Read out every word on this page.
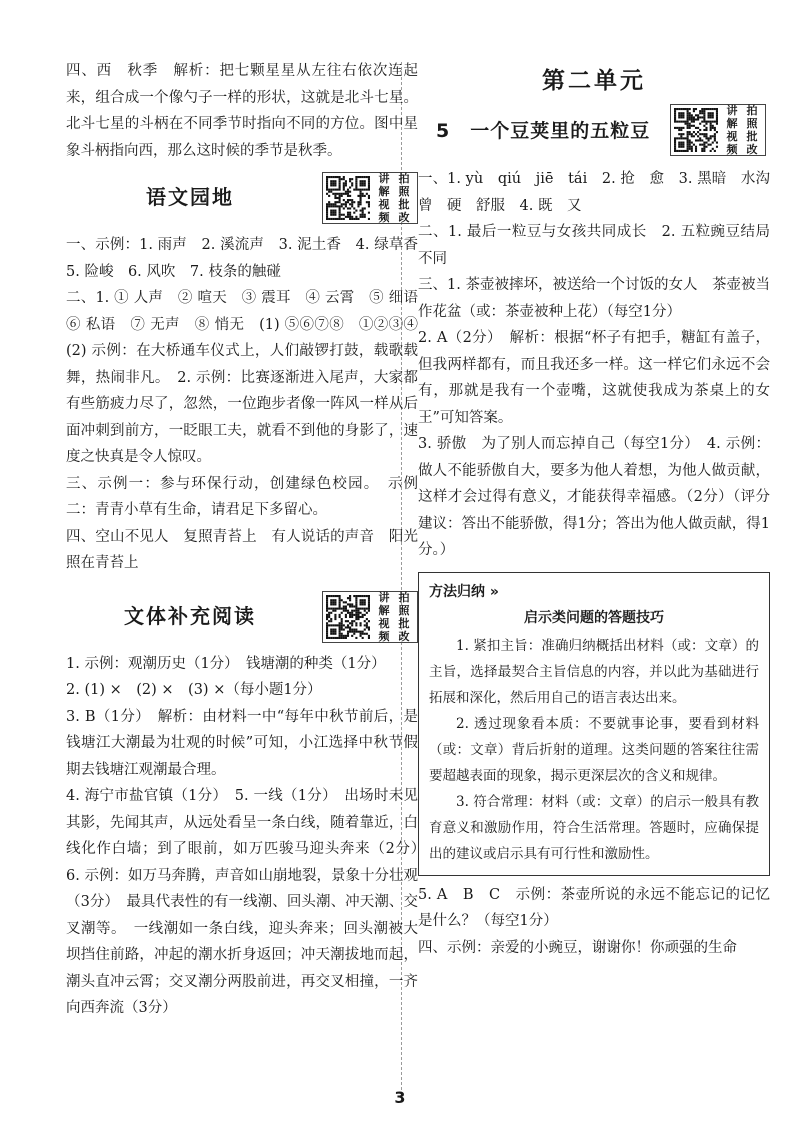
四、西　秋季　解析：把七颗星星从左往右依次连起来，组合成一个像勺子一样的形状，这就是北斗七星。北斗七星的斗柄在不同季节时指向不同的方位。图中星象斗柄指向西，那么这时候的季节是秋季。

语文园地
讲 拍
解 照
视 批
频 改

一、示例：1. 雨声　2. 溪流声　3. 泥土香　4. 绿草香　5. 险峻　6. 风吹　7. 枝条的触碰

二、1. ① 人声　② 喧天　③ 震耳　④ 云霄　⑤ 细语　⑥ 私语　⑦ 无声　⑧ 悄无　(1) ⑤⑥⑦⑧　①②③④　(2) 示例：在大桥通车仪式上，人们敲锣打鼓，载歌载舞，热闹非凡。　2. 示例：比赛逐渐进入尾声，大家都有些筋疲力尽了，忽然，一位跑步者像一阵风一样从后面冲刺到前方，一眨眼工夫，就看不到他的身影了，速度之快真是令人惊叹。

三、示例一：参与环保行动，创建绿色校园。　示例二：青青小草有生命，请君足下多留心。

四、空山不见人　复照青苔上　有人说话的声音　阳光照在青苔上

文体补充阅读
讲 拍
解 照
视 批
频 改

1. 示例：观潮历史（1分）　钱塘潮的种类（1分）

2. (1) ×　(2) ×　(3) ×（每小题1分）

3. B（1分）　解析：由材料一中“每年中秋节前后，是钱塘江大潮最为壮观的时候”可知，小江选择中秋节假期去钱塘江观潮最合理。

4. 海宁市盐官镇（1分）　5. 一线（1分）　出场时未见其影，先闻其声，从远处看呈一条白线，随着靠近，白线化作白墙；到了眼前，如万匹骏马迎头奔来（2分）　6. 示例：如万马奔腾，声音如山崩地裂，景象十分壮观（3分）　最具代表性的有一线潮、回头潮、冲天潮、交叉潮等。　一线潮如一条白线，迎头奔来；回头潮被大坝挡住前路，冲起的潮水折身返回；冲天潮拔地而起，潮头直冲云霄；交叉潮分两股前进，再交叉相撞，一齐向西奔流（3分）

第二单元
5　一个豆荚里的五粒豆
讲 拍
解 照
视 批
频 改

一、1. yù　qiú　jiē　tái　2. 抢　愈　3. 黑暗　水沟　曾　硬　舒服　4. 既　又

二、1. 最后一粒豆与女孩共同成长　2. 五粒豌豆结局不同

三、1. 茶壶被摔坏，被送给一个讨饭的女人　茶壶被当作花盆（或：茶壶被种上花）（每空1分）

2. A（2分）　解析：根据“杯子有把手，糖缸有盖子，但我两样都有，而且我还多一样。这一样它们永远不会有，那就是我有一个壶嘴，这就使我成为茶桌上的女王”可知答案。

3. 骄傲　为了别人而忘掉自己（每空1分）　4. 示例：做人不能骄傲自大，要多为他人着想，为他人做贡献，这样才会过得有意义，才能获得幸福感。（2分）（评分建议：答出不能骄傲，得1分；答出为他人做贡献，得1分。）

方法归纳 »
启示类问题的答题技巧

1. 紧扣主旨：准确归纳概括出材料（或：文章）的主旨，选择最契合主旨信息的内容，并以此为基础进行拓展和深化，然后用自己的语言表达出来。

2. 透过现象看本质：不要就事论事，要看到材料（或：文章）背后折射的道理。这类问题的答案往往需要超越表面的现象，揭示更深层次的含义和规律。

3. 符合常理：材料（或：文章）的启示一般具有教育意义和激励作用，符合生活常理。答题时，应确保提出的建议或启示具有可行性和激励性。

5. A　B　C　示例：茶壶所说的永远不能忘记的记忆是什么？（每空1分）

四、示例：亲爱的小豌豆，谢谢你！你顽强的生命

3
